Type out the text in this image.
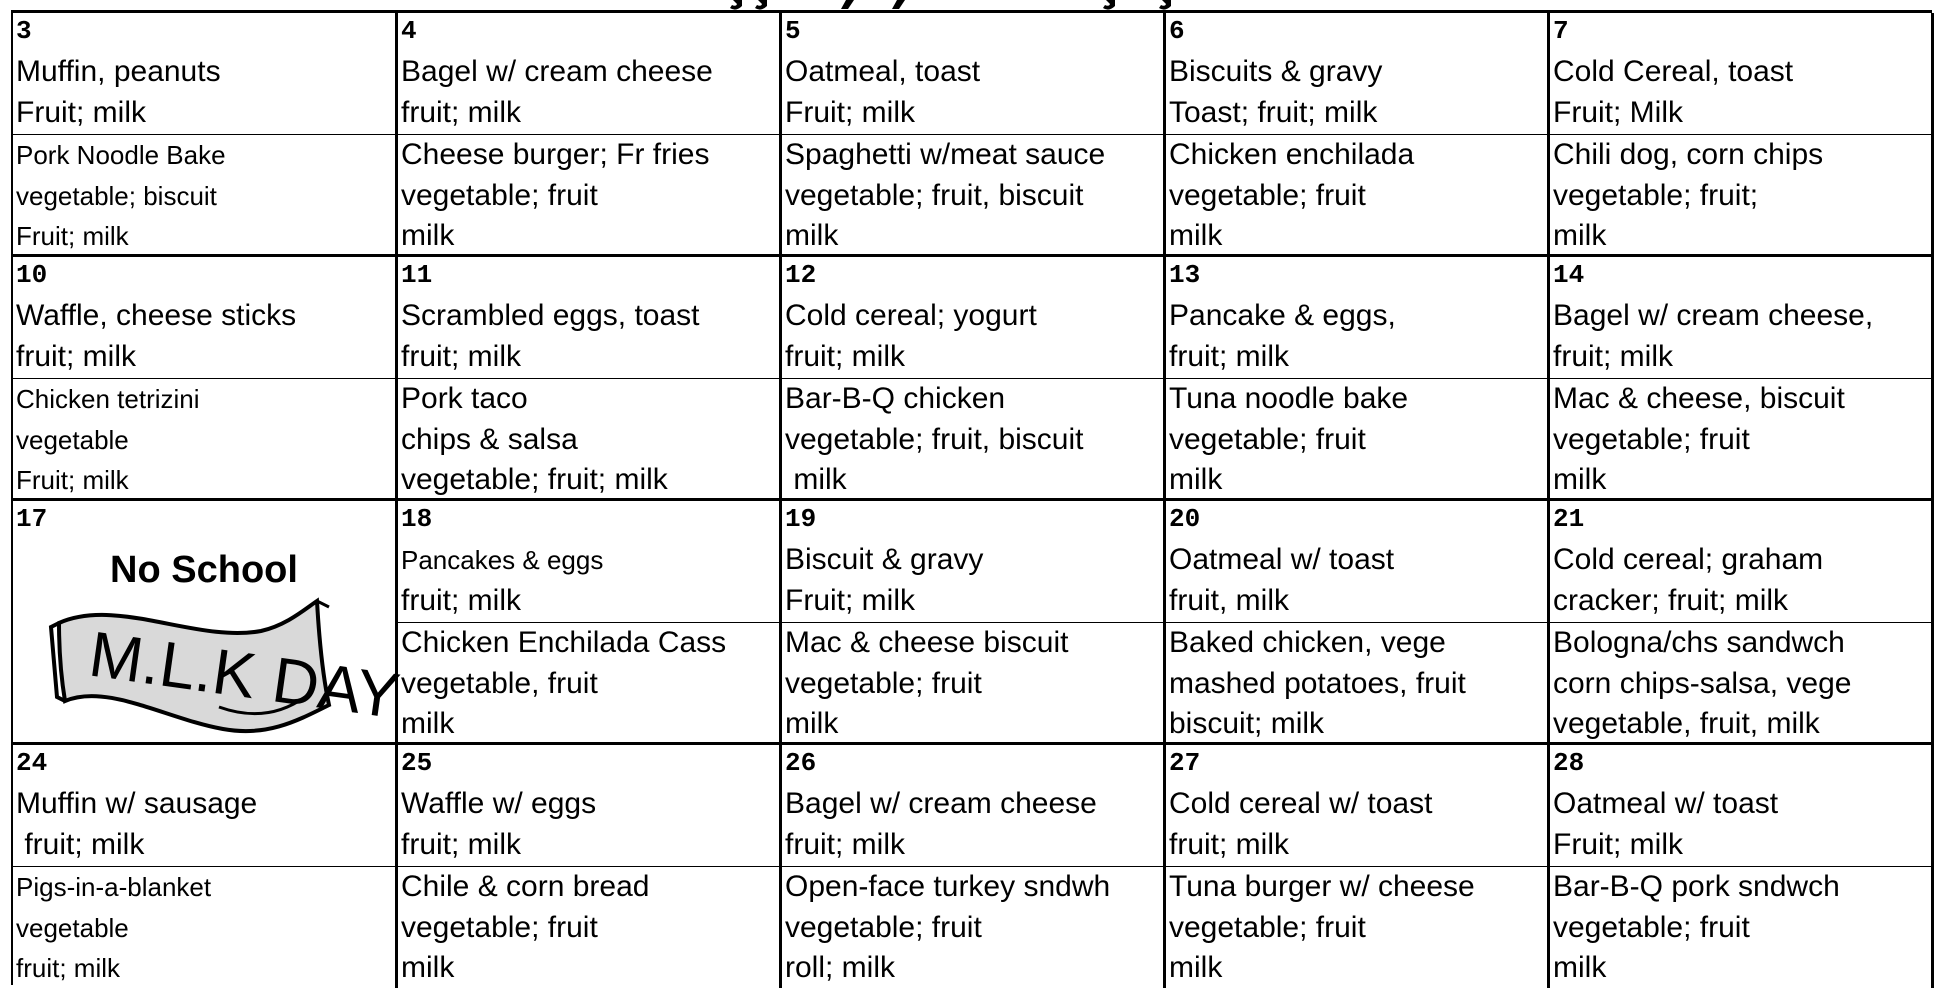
3
Muffin, peanuts
Fruit; milk
4
Bagel w/ cream cheese
fruit; milk
5
Oatmeal, toast
Fruit; milk
6
Biscuits & gravy
Toast; fruit; milk
7
Cold Cereal, toast
Fruit; Milk
Pork Noodle Bake
vegetable; biscuit
Fruit; milk
Cheese burger; Fr fries
vegetable; fruit
milk
Spaghetti w/meat sauce
vegetable; fruit, biscuit
milk
Chicken enchilada
vegetable; fruit
milk
Chili dog, corn chips
vegetable; fruit;
milk
10
Waffle, cheese sticks
fruit; milk
11
Scrambled eggs, toast
fruit; milk
12
Cold cereal; yogurt
fruit; milk
13
Pancake & eggs,
fruit; milk
14
Bagel w/ cream cheese,
fruit; milk
Chicken tetrizini
vegetable
Fruit; milk
Pork taco
chips & salsa
vegetable; fruit; milk
Bar-B-Q chicken
vegetable; fruit, biscuit
milk
Tuna noodle bake
vegetable; fruit
milk
Mac & cheese, biscuit
vegetable; fruit
milk
17
No School
M.L.K DAY
18
Pancakes & eggs
fruit; milk
19
Biscuit & gravy
Fruit; milk
20
Oatmeal w/ toast
fruit, milk
21
Cold cereal; graham
cracker; fruit; milk
Chicken Enchilada Cass
vegetable, fruit
milk
Mac & cheese biscuit
vegetable; fruit
milk
Baked chicken, vege
mashed potatoes, fruit
biscuit; milk
Bologna/chs sandwch
corn chips-salsa, vege
vegetable, fruit, milk
24
Muffin w/ sausage
fruit; milk
25
Waffle w/ eggs
fruit; milk
26
Bagel w/ cream cheese
fruit; milk
27
Cold cereal w/ toast
fruit; milk
28
Oatmeal w/ toast
Fruit; milk
Pigs-in-a-blanket
vegetable
fruit; milk
Chile & corn bread
vegetable; fruit
milk
Open-face turkey sndwh
vegetable; fruit
roll; milk
Tuna burger w/ cheese
vegetable; fruit
milk
Bar-B-Q pork sndwch
vegetable; fruit
milk
